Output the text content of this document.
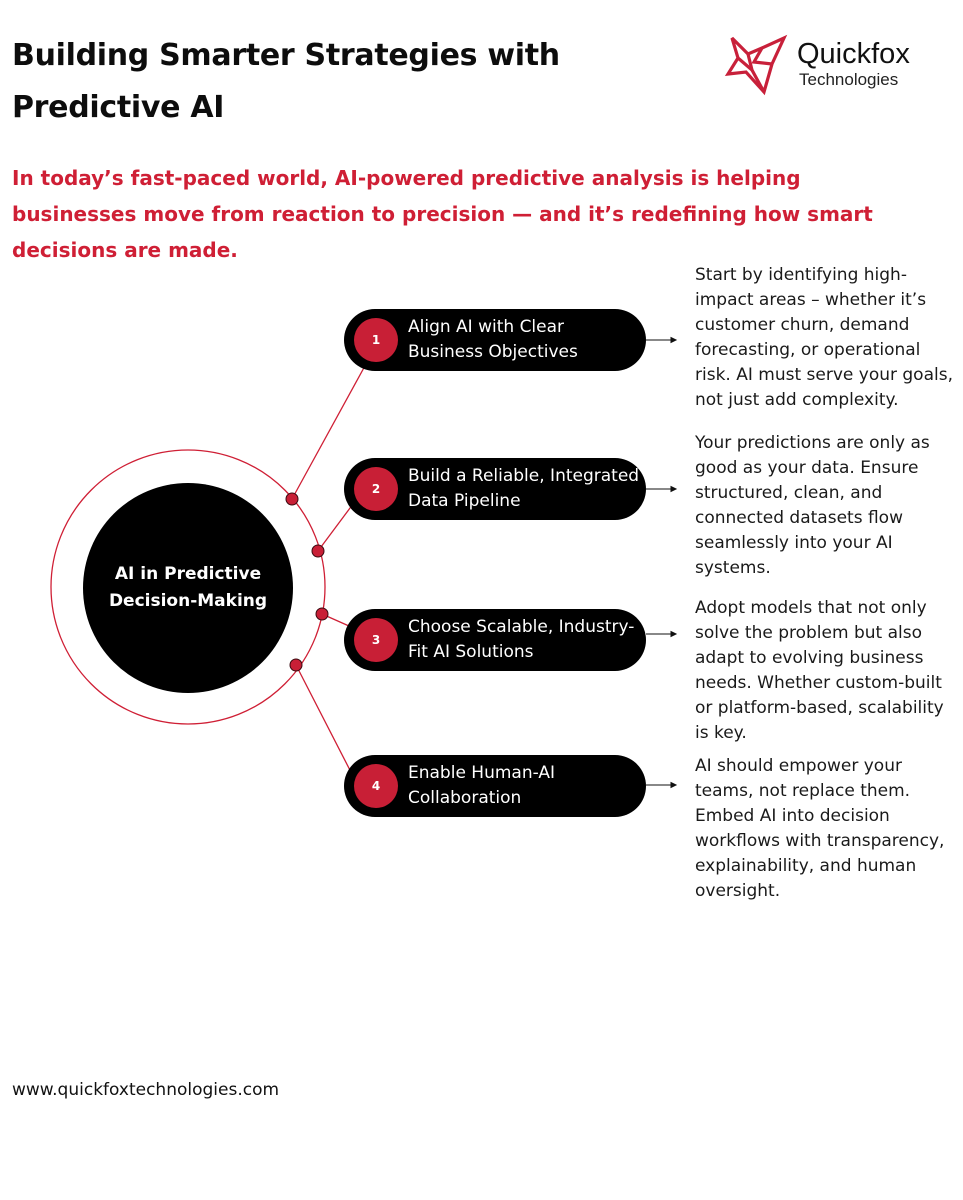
Building Smarter Strategies with Predictive AI
Quickfox
Technologies

In today’s fast-paced world, AI-powered predictive analysis is helping businesses move from reaction to precision — and it’s redefining how smart decisions are made.

AI in Predictive Decision-Making
1
Align AI with Clear Business Objectives
2
Build a Reliable, Integrated Data Pipeline
3
Choose Scalable, Industry-Fit AI Solutions
4
Enable Human-AI Collaboration

Start by identifying high-impact areas – whether it’s customer churn, demand forecasting, or operational risk. AI must serve your goals, not just add complexity.

Your predictions are only as good as your data. Ensure structured, clean, and connected datasets flow seamlessly into your AI systems.

Adopt models that not only solve the problem but also adapt to evolving business needs. Whether custom-built or platform-based, scalability is key.

AI should empower your teams, not replace them. Embed AI into decision workflows with transparency, explainability, and human oversight.

www.quickfoxtechnologies.com
